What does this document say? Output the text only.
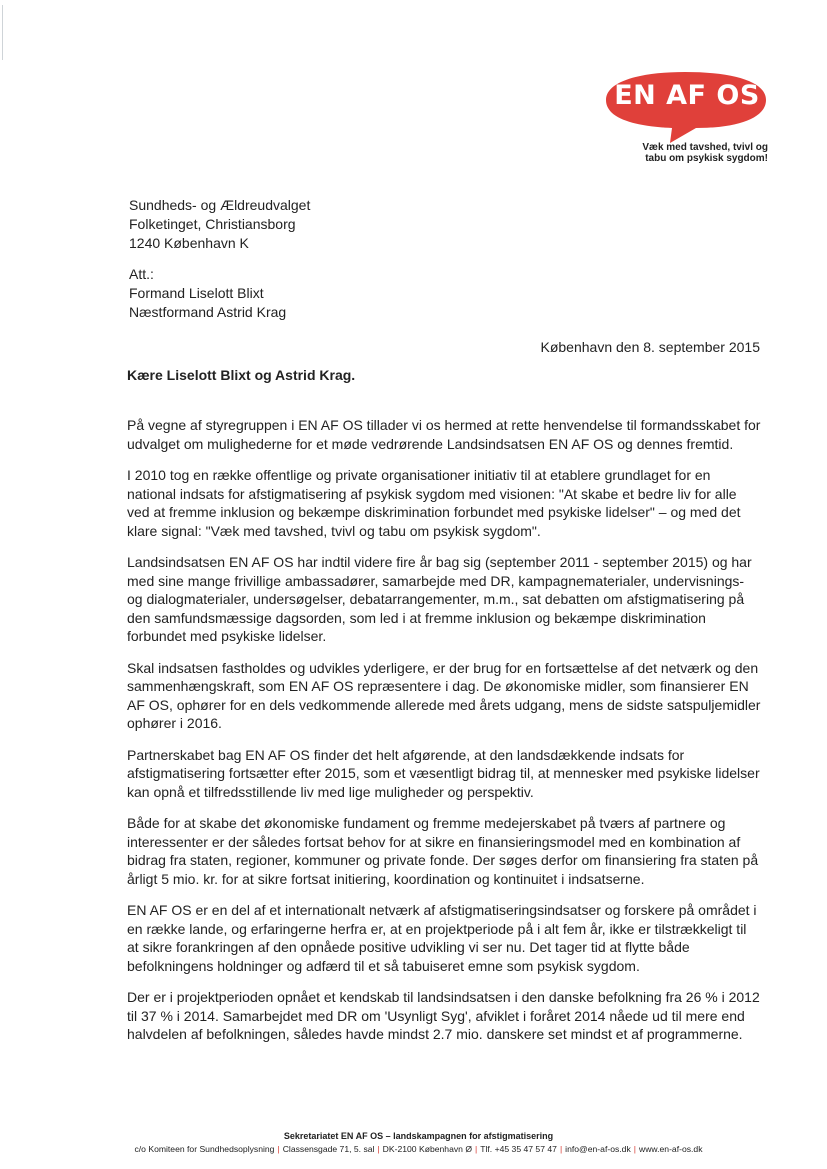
EN AF OS
Væk med tavshed, tvivl og
tabu om psykisk sygdom!
Sundheds- og Ældreudvalget
Folketinget, Christiansborg
1240 København K
Att.:
Formand Liselott Blixt
Næstformand Astrid Krag
København den 8. september 2015
Kære Liselott Blixt og Astrid Krag.

På vegne af styregruppen i EN AF OS tillader vi os hermed at rette henvendelse til formandsskabet for
udvalget om mulighederne for et møde vedrørende Landsindsatsen EN AF OS og dennes fremtid.

I 2010 tog en række offentlige og private organisationer initiativ til at etablere grundlaget for en
national indsats for afstigmatisering af psykisk sygdom med visionen: "At skabe et bedre liv for alle
ved at fremme inklusion og bekæmpe diskrimination forbundet med psykiske lidelser" – og med det
klare signal: "Væk med tavshed, tvivl og tabu om psykisk sygdom".

Landsindsatsen EN AF OS har indtil videre fire år bag sig (september 2011 - september 2015) og har
med sine mange frivillige ambassadører, samarbejde med DR, kampagnematerialer, undervisnings-
og dialogmaterialer, undersøgelser, debatarrangementer, m.m., sat debatten om afstigmatisering på
den samfundsmæssige dagsorden, som led i at fremme inklusion og bekæmpe diskrimination
forbundet med psykiske lidelser.

Skal indsatsen fastholdes og udvikles yderligere, er der brug for en fortsættelse af det netværk og den
sammenhængskraft, som EN AF OS repræsentere i dag. De økonomiske midler, som finansierer EN
AF OS, ophører for en dels vedkommende allerede med årets udgang, mens de sidste satspuljemidler
ophører i 2016.

Partnerskabet bag EN AF OS finder det helt afgørende, at den landsdækkende indsats for
afstigmatisering fortsætter efter 2015, som et væsentligt bidrag til, at mennesker med psykiske lidelser
kan opnå et tilfredsstillende liv med lige muligheder og perspektiv.

Både for at skabe det økonomiske fundament og fremme medejerskabet på tværs af partnere og
interessenter er der således fortsat behov for at sikre en finansieringsmodel med en kombination af
bidrag fra staten, regioner, kommuner og private fonde. Der søges derfor om finansiering fra staten på
årligt 5 mio. kr. for at sikre fortsat initiering, koordination og kontinuitet i indsatserne.

EN AF OS er en del af et internationalt netværk af afstigmatiseringsindsatser og forskere på området i
en række lande, og erfaringerne herfra er, at en projektperiode på i alt fem år, ikke er tilstrækkeligt til
at sikre forankringen af den opnåede positive udvikling vi ser nu. Det tager tid at flytte både
befolkningens holdninger og adfærd til et så tabuiseret emne som psykisk sygdom.

Der er i projektperioden opnået et kendskab til landsindsatsen i den danske befolkning fra 26 % i 2012
til 37 % i 2014. Samarbejdet med DR om 'Usynligt Syg', afviklet i foråret 2014 nåede ud til mere end
halvdelen af befolkningen, således havde mindst 2.7 mio. danskere set mindst et af programmerne.

Sekretariatet EN AF OS – landskampagnen for afstigmatisering
c/o Komiteen for Sundhedsoplysning | Classensgade 71, 5. sal | DK-2100 København Ø | Tlf. +45 35 47 57 47 | info@en-af-os.dk | www.en-af-os.dk
